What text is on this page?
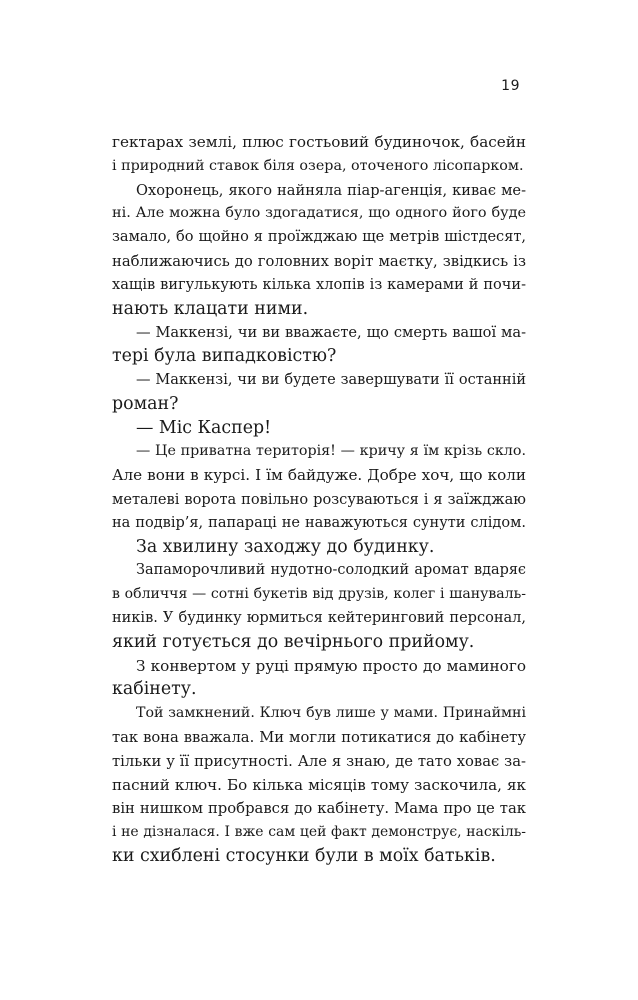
19
гектарах землі, плюс гостьовий будиночок, басейн
і природний ставок біля озера, оточеного лісопарком.
Охоронець, якого найняла піар-агенція, киває ме-
ні. Але можна було здогадатися, що одного його буде
замало, бо щойно я проїжджаю ще метрів шістдесят,
наближаючись до головних воріт маєтку, звідкись із
хащів вигулькують кілька хлопів із камерами й почи-
нають клацати ними.
— Маккензі, чи ви вважаєте, що смерть вашої ма-
тері була випадковістю?
— Маккензі, чи ви будете завершувати її останній
роман?
— Міс Каспер!
— Це приватна територія! — кричу я їм крізь скло.
Але вони в курсі. І їм байдуже. Добре хоч, що коли
металеві ворота повільно розсуваються і я заїжджаю
на подвір’я, папараці не наважуються сунути слідом.
За хвилину заходжу до будинку.
Запаморочливий нудотно-солодкий аромат вдаряє
в обличчя — сотні букетів від друзів, колег і шануваль-
ників. У будинку юрмиться кейтеринговий персонал,
який готується до вечірнього прийому.
З конвертом у руці прямую просто до маминого
кабінету.
Той замкнений. Ключ був лише у мами. Принаймні
так вона вважала. Ми могли потикатися до кабінету
тільки у її присутності. Але я знаю, де тато ховає за-
пасний ключ. Бо кілька місяців тому заскочила, як
він нишком пробрався до кабінету. Мама про це так
і не дізналася. І вже сам цей факт демонструє, наскіль-
ки схиблені стосунки були в моїх батьків.
